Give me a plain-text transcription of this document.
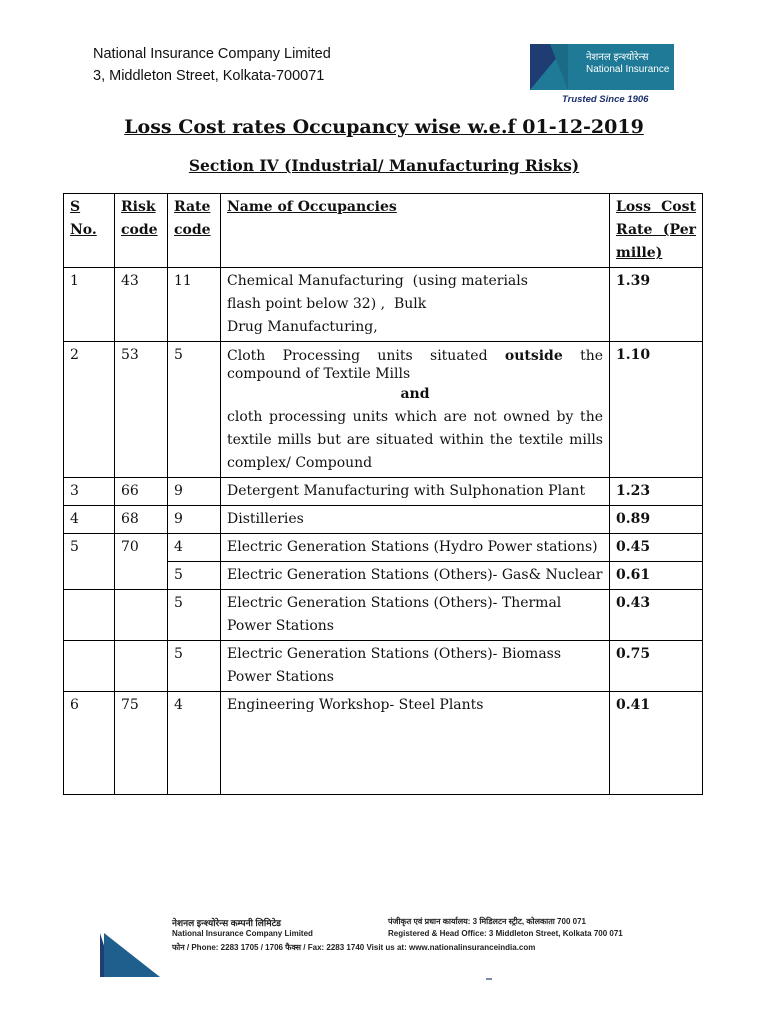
National Insurance Company Limited
3, Middleton Street, Kolkata-700071
नेशनल इन्श्योरेन्स
National Insurance
Trusted Since 1906
Loss Cost rates Occupancy wise w.e.f 01-12-2019
Section IV (Industrial/ Manufacturing Risks)
S No.	Risk code	Rate code	Name of Occupancies	Loss Cost Rate (Per mille)

1	43	11	Chemical Manufacturing  (using materials
flash point below 32) ,  Bulk
Drug Manufacturing,	1.39
2	53	5	Cloth Processing units situated outside the compound of Textile Mills
and
cloth processing units which are not owned by the textile mills but are situated within the textile mills complex/ Compound	1.10
3	66	9	Detergent Manufacturing with Sulphonation Plant	1.23
4	68	9	Distilleries	0.89
5	70	4	Electric Generation Stations (Hydro Power stations)	0.45
		5	Electric Generation Stations (Others)- Gas& Nuclear	0.61
		5	Electric Generation Stations (Others)- Thermal Power Stations	0.43
		5	Electric Generation Stations (Others)- Biomass Power Stations	0.75
6	75	4	Engineering Workshop- Steel Plants	0.41
नेशनल इन्श्योरेन्स कम्पनी लिमिटेड
National Insurance Company Limited
फोन / Phone: 2283 1705 / 1706 फैक्स / Fax: 2283 1740 Visit us at: www.nationalinsuranceindia.com
पंजीकृत एवं प्रधान कार्यालय: 3 मिडिलटन स्ट्रीट, कोलकाता 700 071
Registered & Head Office: 3 Middleton Street, Kolkata 700 071
